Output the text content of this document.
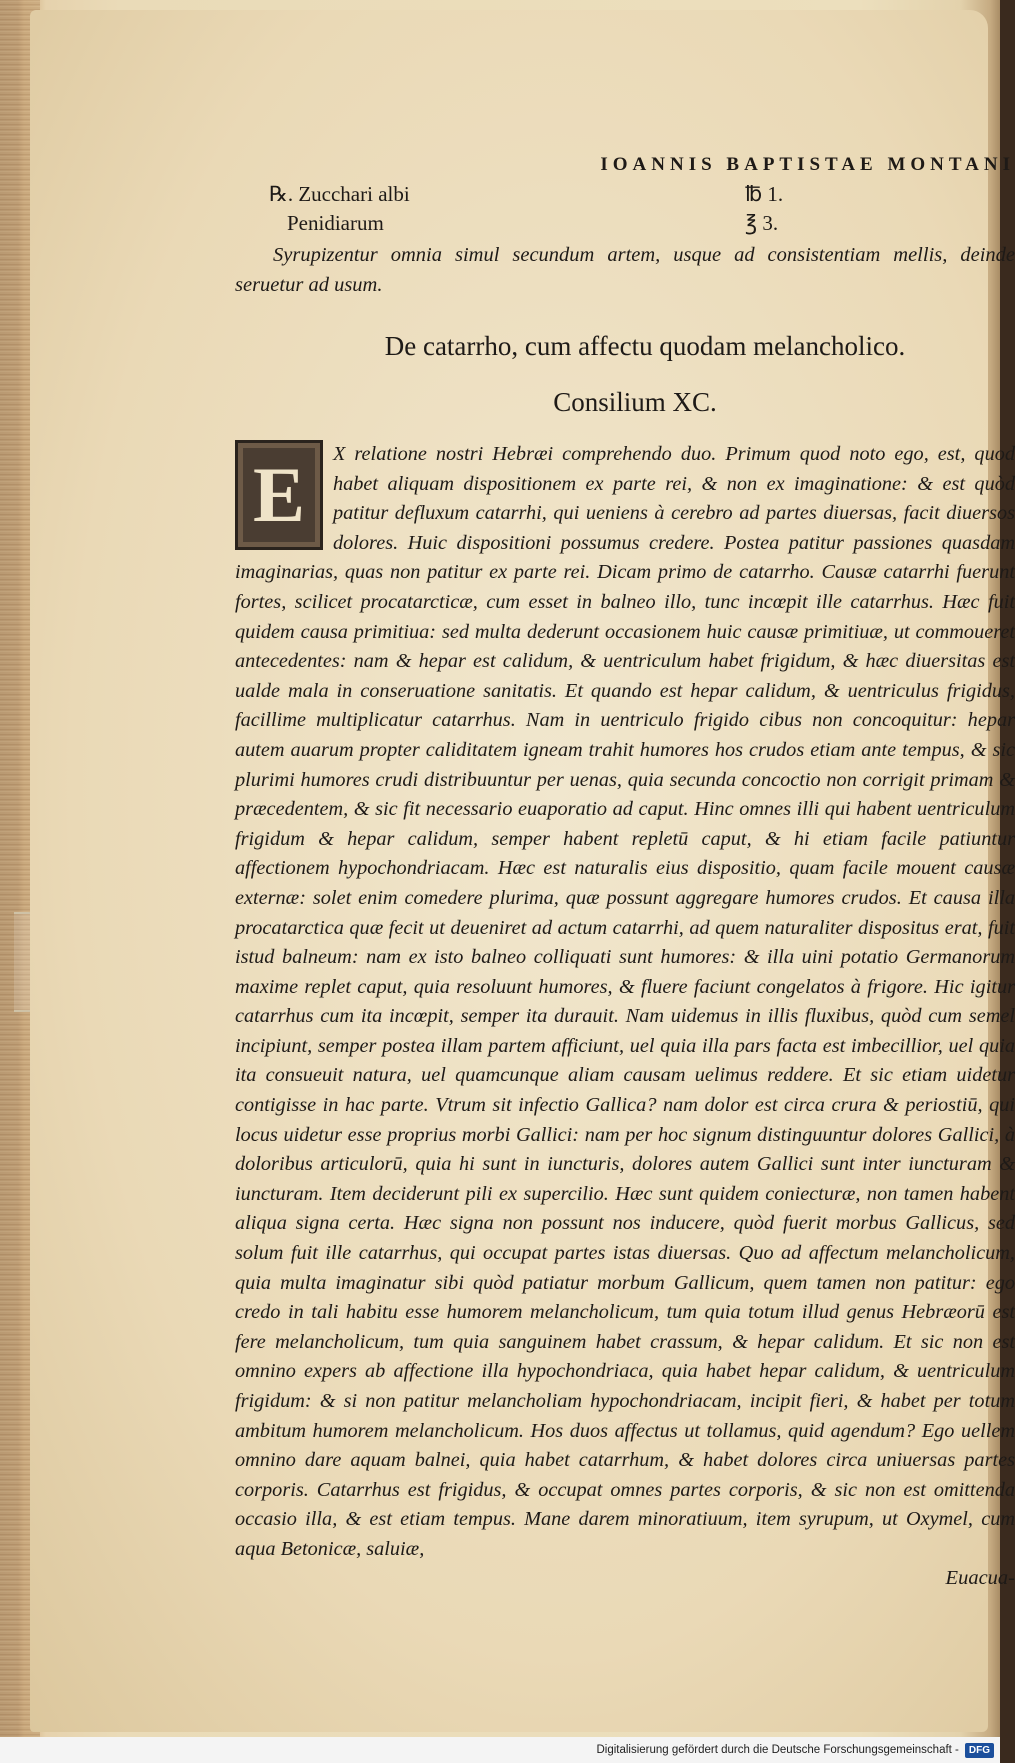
IOANNIS BAPTISTAE MONTANI
℞. Zucchari albi	℔ 1.
Penidiarum	℥ 3.

Syrupizentur omnia simul secundum artem, usque ad consistentiam mellis, deinde seruetur ad usum.

De catarrho, cum affectu quodam melancholico.
Consilium XC.
E	X relatione nostri Hebræi comprehendo duo. Primum quod noto ego, est, quod habet aliquam dispositionem ex parte rei, & non ex imaginatione: & est quòd patitur defluxum catarrhi, qui ueniens à cerebro ad partes diuersas, facit diuersos dolores. Huic dispositioni possumus credere. Postea patitur passiones quasdam imaginarias, quas non patitur ex parte rei. Dicam primo de catarrho. Causæ catarrhi fuerunt fortes, scilicet procatarcticæ, cum esset in balneo illo, tunc incœpit ille catarrhus. Hæc fuit quidem causa primitiua: sed multa dederunt occasionem huic causæ primitiuæ, ut commoueret antecedentes: nam & hepar est calidum, & uentriculum habet frigidum, & hæc diuersitas est ualde mala in conseruatione sanitatis. Et quando est hepar calidum, & uentriculus frigidus, facillime multiplicatur catarrhus. Nam in uentriculo frigido cibus non concoquitur: hepar autem auarum propter caliditatem igneam trahit humores hos crudos etiam ante tempus, & sic plurimi humores crudi distribuuntur per uenas, quia secunda concoctio non corrigit primam & præcedentem, & sic fit necessario euaporatio ad caput. Hinc omnes illi qui habent uentriculum frigidum & hepar calidum, semper habent repletū caput, & hi etiam facile patiuntur affectionem hypochondriacam. Hæc est naturalis eius dispositio, quam facile mouent causæ externæ: solet enim comedere plurima, quæ possunt aggregare humores crudos. Et causa illa procatarctica quæ fecit ut deueniret ad actum catarrhi, ad quem naturaliter dispositus erat, fuit istud balneum: nam ex isto balneo colliquati sunt humores: & illa uini potatio Germanorum maxime replet caput, quia resoluunt humores, & fluere faciunt congelatos à frigore. Hic igitur catarrhus cum ita incœpit, semper ita durauit. Nam uidemus in illis fluxibus, quòd cum semel incipiunt, semper postea illam partem afficiunt, uel quia illa pars facta est imbecillior, uel quia ita consueuit natura, uel quamcunque aliam causam uelimus reddere. Et sic etiam uidetur contigisse in hac parte. Vtrum sit infectio Gallica? nam dolor est circa crura & periostiū, qui locus uidetur esse proprius morbi Gallici: nam per hoc signum distinguuntur dolores Gallici, à doloribus articulorū, quia hi sunt in iuncturis, dolores autem Gallici sunt inter iuncturam & iuncturam. Item deciderunt pili ex supercilio. Hæc sunt quidem coniecturæ, non tamen habent aliqua signa certa. Hæc signa non possunt nos inducere, quòd fuerit morbus Gallicus, sed solum fuit ille catarrhus, qui occupat partes istas diuersas. Quo ad affectum melancholicum, quia multa imaginatur sibi quòd patiatur morbum Gallicum, quem tamen non patitur: ego credo in tali habitu esse humorem melancholicum, tum quia totum illud genus Hebræorū est fere melancholicum, tum quia sanguinem habet crassum, & hepar calidum. Et sic non est omnino expers ab affectione illa hypochondriaca, quia habet hepar calidum, & uentriculum frigidum: & si non patitur melancholiam hypochondriacam, incipit fieri, & habet per totum ambitum humorem melancholicum. Hos duos affectus ut tollamus, quid agendum? Ego uellem omnino dare aquam balnei, quia habet catarrhum, & habet dolores circa uniuersas partes corporis. Catarrhus est frigidus, & occupat omnes partes corporis, & sic non est omittenda occasio illa, & est etiam tempus. Mane darem minoratiuum, item syrupum, ut Oxymel, cum aqua Betonicæ, saluiæ,

Euacua-
Digitalisierung gefördert durch die Deutsche Forschungsgemeinschaft -	DFG
